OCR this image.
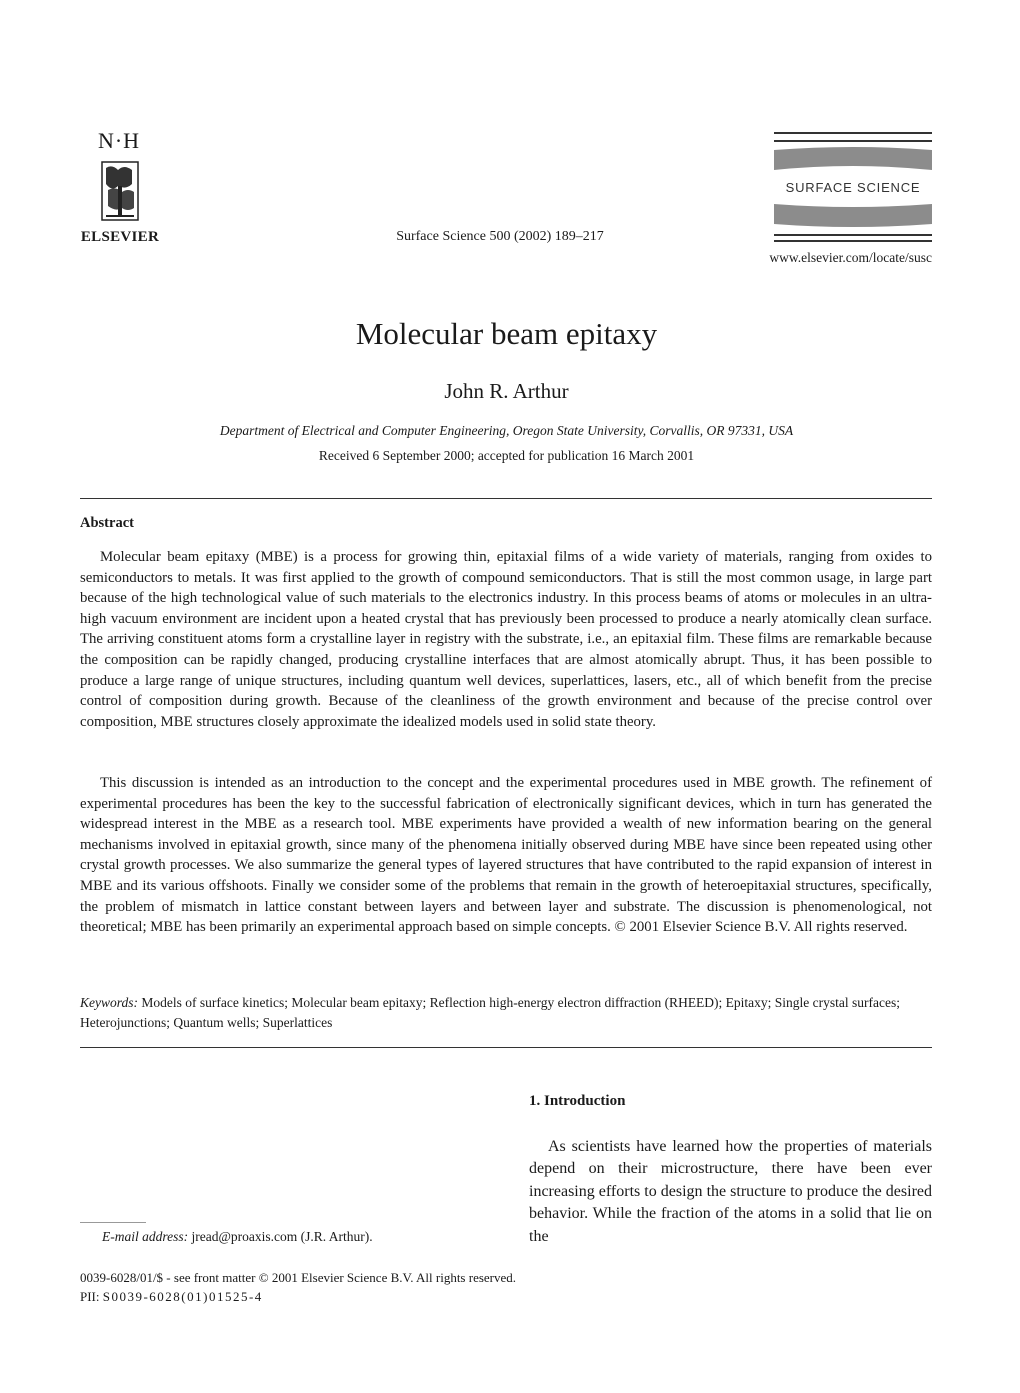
N·H
ELSEVIER	Surface Science 500 (2002) 189–217
SURFACE SCIENCE
www.elsevier.com/locate/susc
Molecular beam epitaxy
John R. Arthur
Department of Electrical and Computer Engineering, Oregon State University, Corvallis, OR 97331, USA
Received 6 September 2000; accepted for publication 16 March 2001
Abstract

Molecular beam epitaxy (MBE) is a process for growing thin, epitaxial films of a wide variety of materials, ranging from oxides to semiconductors to metals. It was first applied to the growth of compound semiconductors. That is still the most common usage, in large part because of the high technological value of such materials to the electronics industry. In this process beams of atoms or molecules in an ultra-high vacuum environment are incident upon a heated crystal that has previously been processed to produce a nearly atomically clean surface. The arriving constituent atoms form a crystalline layer in registry with the substrate, i.e., an epitaxial film. These films are remarkable because the composition can be rapidly changed, producing crystalline interfaces that are almost atomically abrupt. Thus, it has been possible to produce a large range of unique structures, including quantum well devices, superlattices, lasers, etc., all of which benefit from the precise control of composition during growth. Because of the cleanliness of the growth environment and because of the precise control over composition, MBE structures closely approximate the idealized models used in solid state theory.

This discussion is intended as an introduction to the concept and the experimental procedures used in MBE growth. The refinement of experimental procedures has been the key to the successful fabrication of electronically significant devices, which in turn has generated the widespread interest in the MBE as a research tool. MBE experiments have provided a wealth of new information bearing on the general mechanisms involved in epitaxial growth, since many of the phenomena initially observed during MBE have since been repeated using other crystal growth processes. We also summarize the general types of layered structures that have contributed to the rapid expansion of interest in MBE and its various offshoots. Finally we consider some of the problems that remain in the growth of heteroepitaxial structures, specifically, the problem of mismatch in lattice constant between layers and between layer and substrate. The discussion is phenomenological, not theoretical; MBE has been primarily an experimental approach based on simple concepts. © 2001 Elsevier Science B.V. All rights reserved.

Keywords: Models of surface kinetics; Molecular beam epitaxy; Reflection high-energy electron diffraction (RHEED); Epitaxy; Single crystal surfaces; Heterojunctions; Quantum wells; Superlattices
1. Introduction

As scientists have learned how the properties of materials depend on their microstructure, there have been ever increasing efforts to design the structure to produce the desired behavior. While the fraction of the atoms in a solid that lie on the

E-mail address: jread@proaxis.com (J.R. Arthur).
0039-6028/01/$ - see front matter © 2001 Elsevier Science B.V. All rights reserved.
PII: S0039-6028(01)01525-4
